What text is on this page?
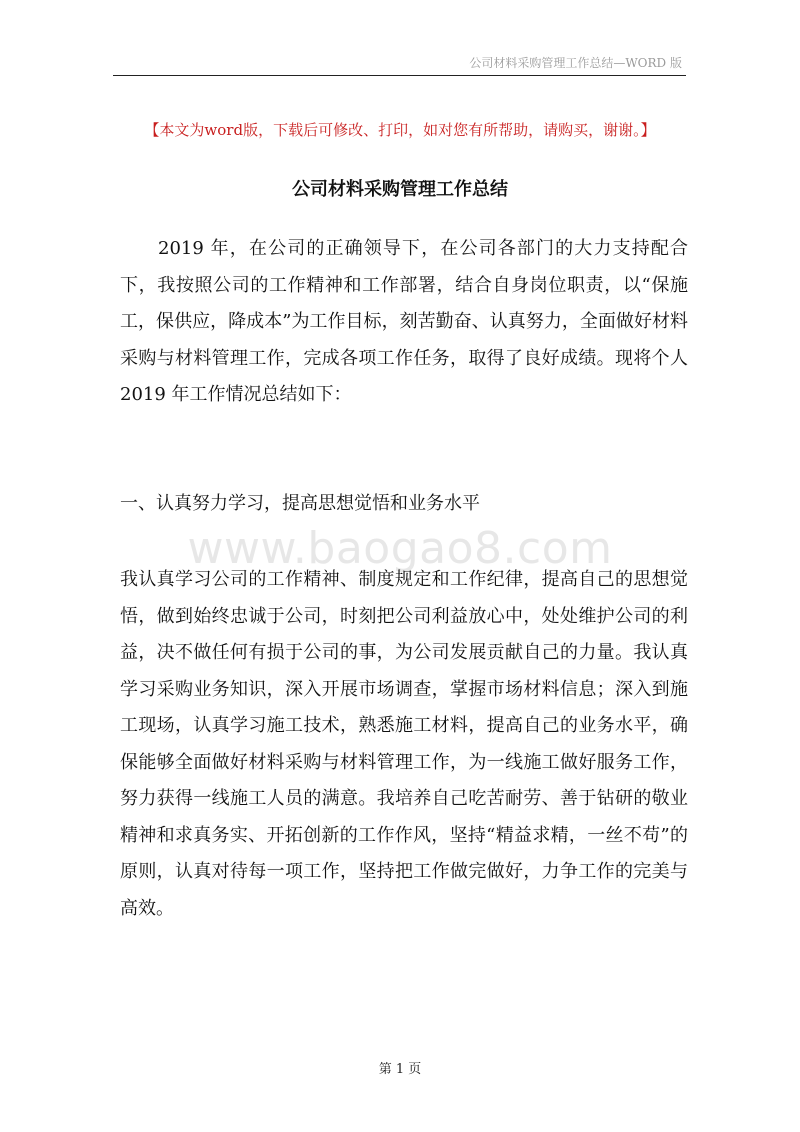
公司材料采购管理工作总结—WORD 版
【本文为word版，下载后可修改、打印，如对您有所帮助，请购买，谢谢。】
公司材料采购管理工作总结
2019 年，在公司的正确领导下，在公司各部门的大力支持配合下，我按照公司的工作精神和工作部署，结合自身岗位职责，以“保施工，保供应，降成本”为工作目标，刻苦勤奋、认真努力，全面做好材料采购与材料管理工作，完成各项工作任务，取得了良好成绩。现将个人 2019 年工作情况总结如下：
一、认真努力学习，提高思想觉悟和业务水平
www.baogao8.com
我认真学习公司的工作精神、制度规定和工作纪律，提高自己的思想觉悟，做到始终忠诚于公司，时刻把公司利益放心中，处处维护公司的利益，决不做任何有损于公司的事，为公司发展贡献自己的力量。我认真学习采购业务知识，深入开展市场调查，掌握市场材料信息；深入到施工现场，认真学习施工技术，熟悉施工材料，提高自己的业务水平，确保能够全面做好材料采购与材料管理工作，为一线施工做好服务工作，努力获得一线施工人员的满意。我培养自己吃苦耐劳、善于钻研的敬业精神和求真务实、开拓创新的工作作风，坚持“精益求精，一丝不苟”的原则，认真对待每一项工作，坚持把工作做完做好，力争工作的完美与高效。
第 1 页
